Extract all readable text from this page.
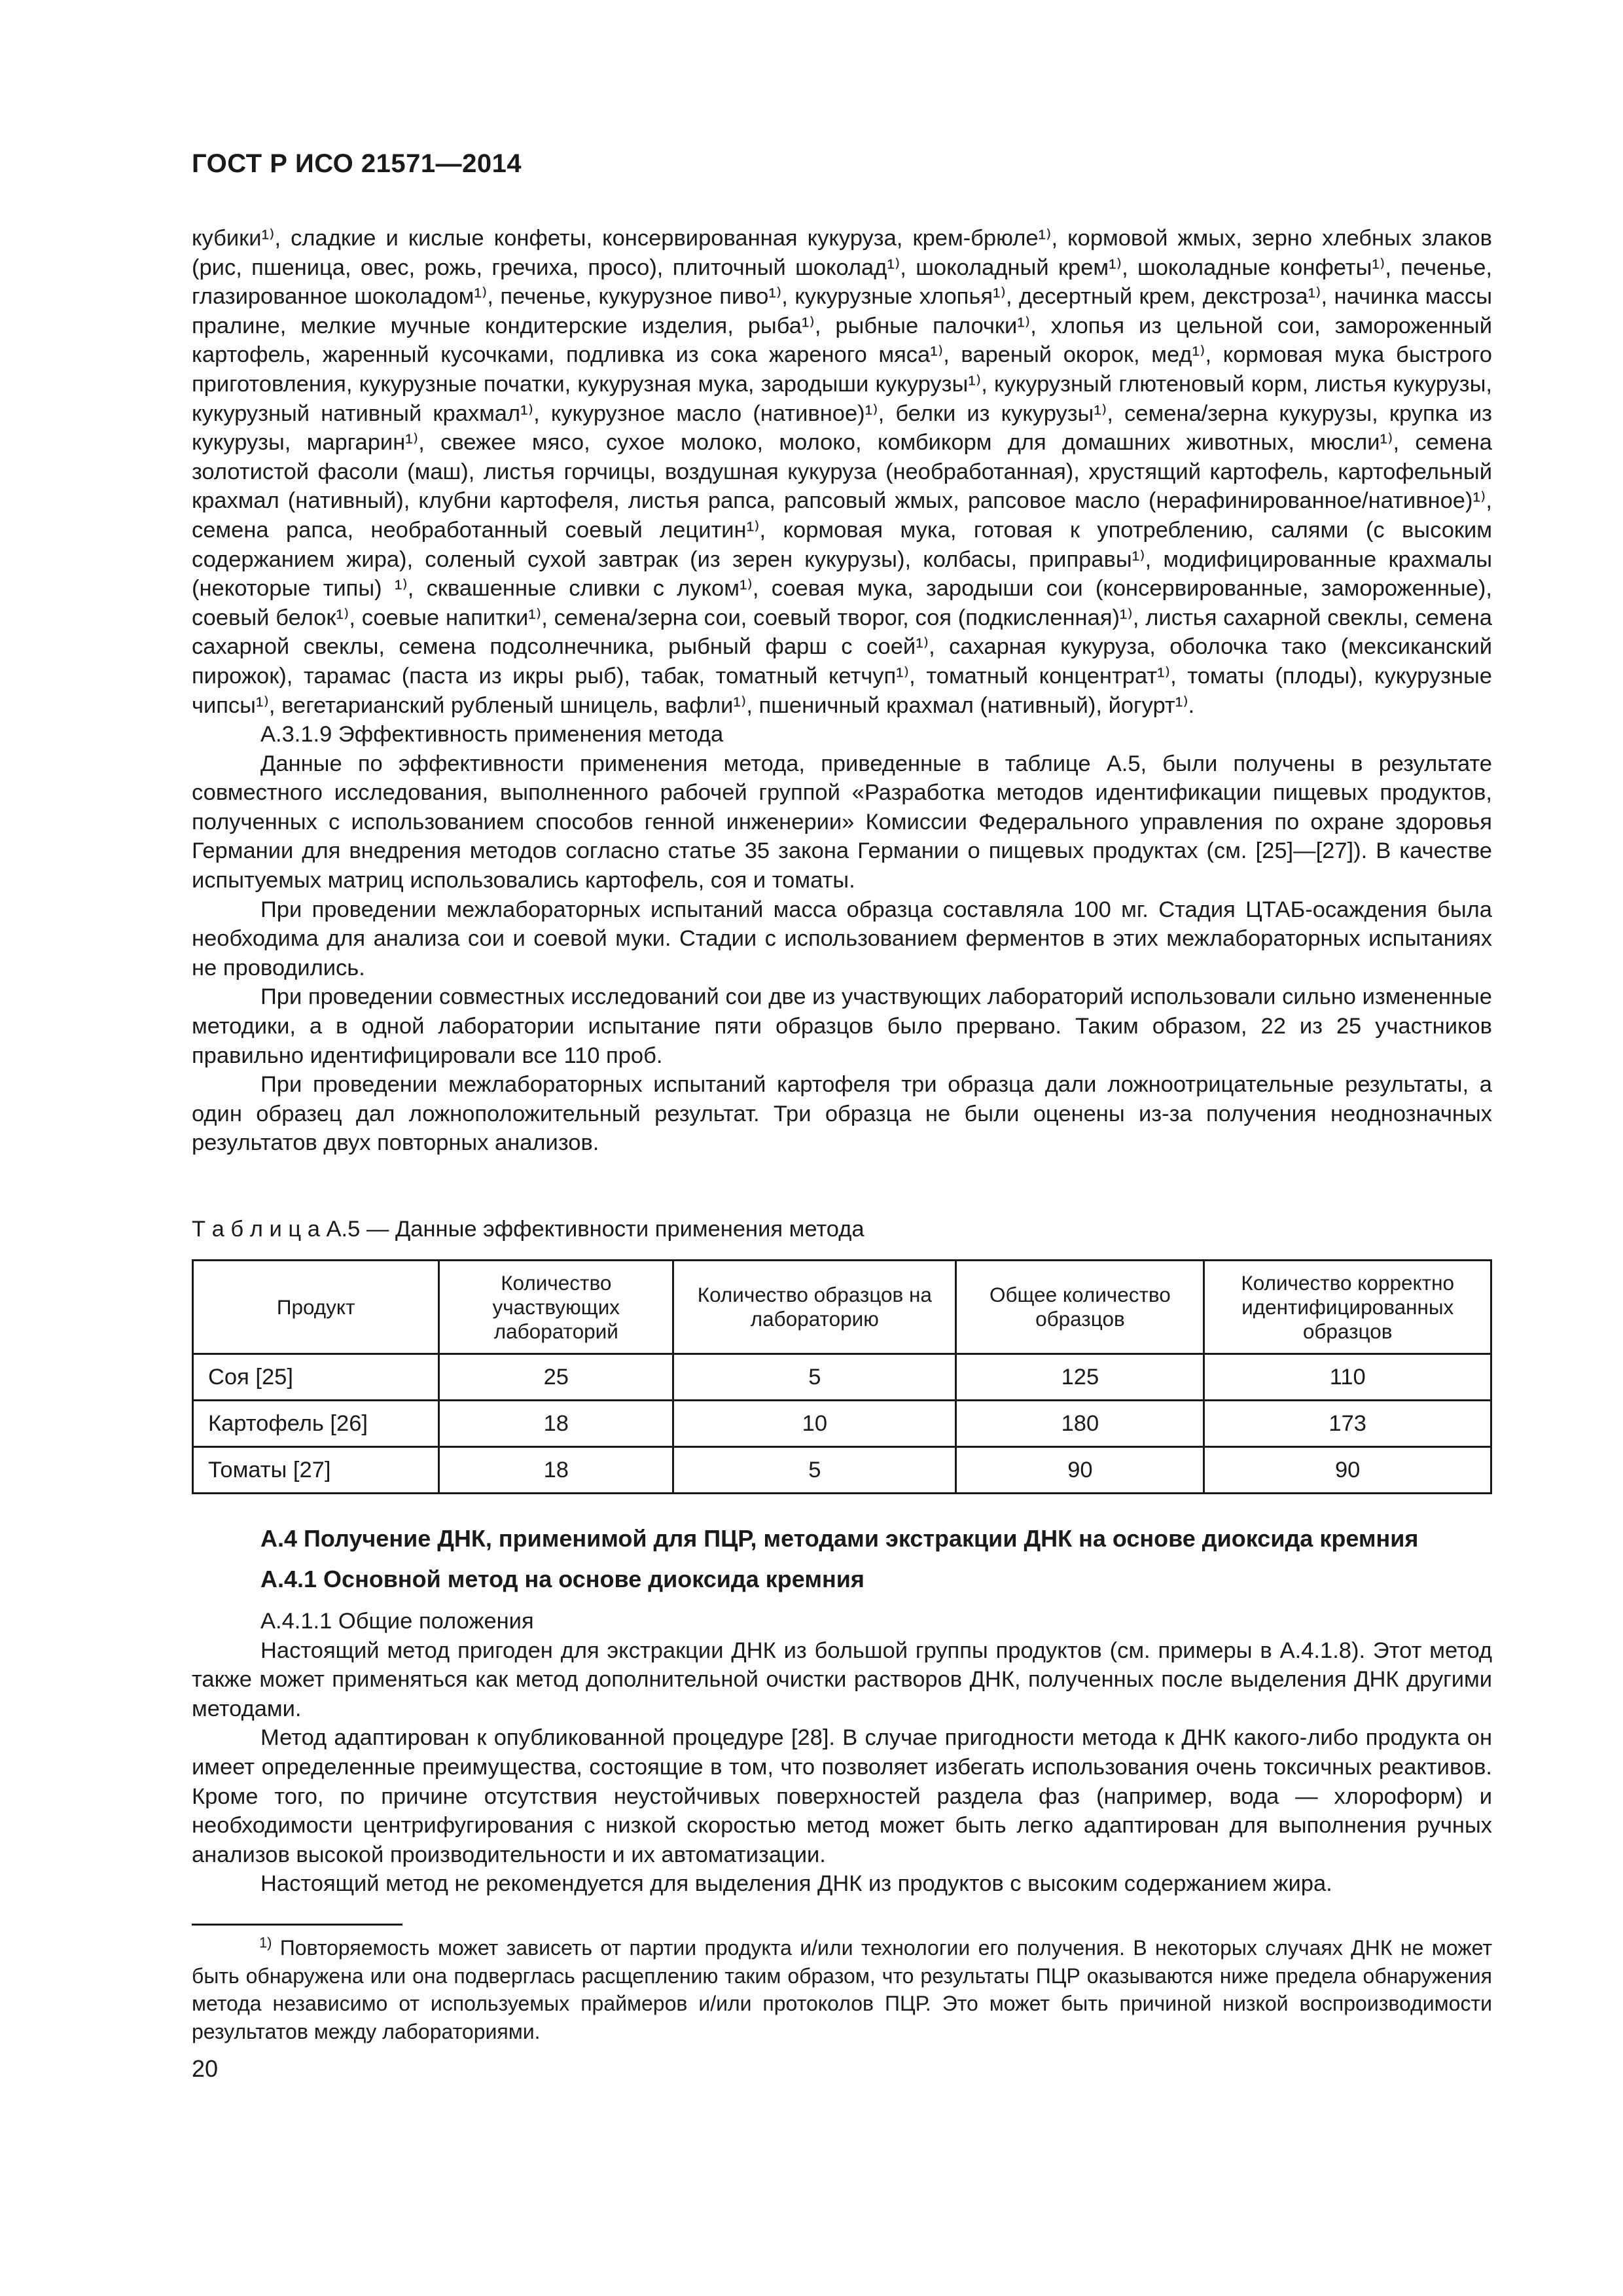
ГОСТ Р ИСО 21571—2014

кубики¹⁾, сладкие и кислые конфеты, консервированная кукуруза, крем-брюле¹⁾, кормовой жмых, зерно хлебных злаков (рис, пшеница, овес, рожь, гречиха, просо), плиточный шоколад¹⁾, шоколадный крем¹⁾, шоколадные конфеты¹⁾, печенье, глазированное шоколадом¹⁾, печенье, кукурузное пиво¹⁾, кукурузные хлопья¹⁾, десертный крем, декстроза¹⁾, начинка массы пралине, мелкие мучные кондитерские изделия, рыба¹⁾, рыбные палочки¹⁾, хлопья из цельной сои, замороженный картофель, жаренный кусочками, подливка из сока жареного мяса¹⁾, вареный окорок, мед¹⁾, кормовая мука быстрого приготовления, кукурузные початки, кукурузная мука, зародыши кукурузы¹⁾, кукурузный глютеновый корм, листья кукурузы, кукурузный нативный крахмал¹⁾, кукурузное масло (нативное)¹⁾, белки из кукурузы¹⁾, семена/зерна кукурузы, крупка из кукурузы, маргарин¹⁾, свежее мясо, сухое молоко, молоко, комбикорм для домашних животных, мюсли¹⁾, семена золотистой фасоли (маш), листья горчицы, воздушная кукуруза (необработанная), хрустящий картофель, картофельный крахмал (нативный), клубни картофеля, листья рапса, рапсовый жмых, рапсовое масло (нерафинированное/нативное)¹⁾, семена рапса, необработанный соевый лецитин¹⁾, кормовая мука, готовая к употреблению, салями (с высоким содержанием жира), соленый сухой завтрак (из зерен кукурузы), колбасы, приправы¹⁾, модифицированные крахмалы (некоторые типы) ¹⁾, сквашенные сливки с луком¹⁾, соевая мука, зародыши сои (консервированные, замороженные), соевый белок¹⁾, соевые напитки¹⁾, семена/зерна сои, соевый творог, соя (подкисленная)¹⁾, листья сахарной свеклы, семена сахарной свеклы, семена подсолнечника, рыбный фарш с соей¹⁾, сахарная кукуруза, оболочка тако (мексиканский пирожок), тарамас (паста из икры рыб), табак, томатный кетчуп¹⁾, томатный концентрат¹⁾, томаты (плоды), кукурузные чипсы¹⁾, вегетарианский рубленый шницель, вафли¹⁾, пшеничный крахмал (нативный), йогурт¹⁾.

А.3.1.9 Эффективность применения метода

Данные по эффективности применения метода, приведенные в таблице А.5, были получены в результате совместного исследования, выполненного рабочей группой «Разработка методов идентификации пищевых продуктов, полученных с использованием способов генной инженерии» Комиссии Федерального управления по охране здоровья Германии для внедрения методов согласно статье 35 закона Германии о пищевых продуктах (см. [25]—[27]). В качестве испытуемых матриц использовались картофель, соя и томаты.

При проведении межлабораторных испытаний масса образца составляла 100 мг. Стадия ЦТАБ-осаждения была необходима для анализа сои и соевой муки. Стадии с использованием ферментов в этих межлабораторных испытаниях не проводились.

При проведении совместных исследований сои две из участвующих лабораторий использовали сильно измененные методики, а в одной лаборатории испытание пяти образцов было прервано. Таким образом, 22 из 25 участников правильно идентифицировали все 110 проб.

При проведении межлабораторных испытаний картофеля три образца дали ложноотрицательные результаты, а один образец дал ложноположительный результат. Три образца не были оценены из-за получения неоднозначных результатов двух повторных анализов.

Т а б л и ц а А.5 — Данные эффективности применения метода

Продукт	Количество участвующих лабораторий	Количество образцов на лабораторию	Общее количество образцов	Количество корректно идентифицированных образцов
Соя [25]	25	5	125	110
Картофель [26]	18	10	180	173
Томаты [27]	18	5	90	90
А.4 Получение ДНК, применимой для ПЦР, методами экстракции ДНК на основе диоксида кремния
А.4.1 Основной метод на основе диоксида кремния

А.4.1.1 Общие положения

Настоящий метод пригоден для экстракции ДНК из большой группы продуктов (см. примеры в А.4.1.8). Этот метод также может применяться как метод дополнительной очистки растворов ДНК, полученных после выделения ДНК другими методами.

Метод адаптирован к опубликованной процедуре [28]. В случае пригодности метода к ДНК какого-либо продукта он имеет определенные преимущества, состоящие в том, что позволяет избегать использования очень токсичных реактивов. Кроме того, по причине отсутствия неустойчивых поверхностей раздела фаз (например, вода — хлороформ) и необходимости центрифугирования с низкой скоростью метод может быть легко адаптирован для выполнения ручных анализов высокой производительности и их автоматизации.

Настоящий метод не рекомендуется для выделения ДНК из продуктов с высоким содержанием жира.

$^{1)}$ Повторяемость может зависеть от партии продукта и/или технологии его получения. В некоторых случаях ДНК не может быть обнаружена или она подверглась расщеплению таким образом, что результаты ПЦР оказываются ниже предела обнаружения метода независимо от используемых праймеров и/или протоколов ПЦР. Это может быть причиной низкой воспроизводимости результатов между лабораториями.

20
